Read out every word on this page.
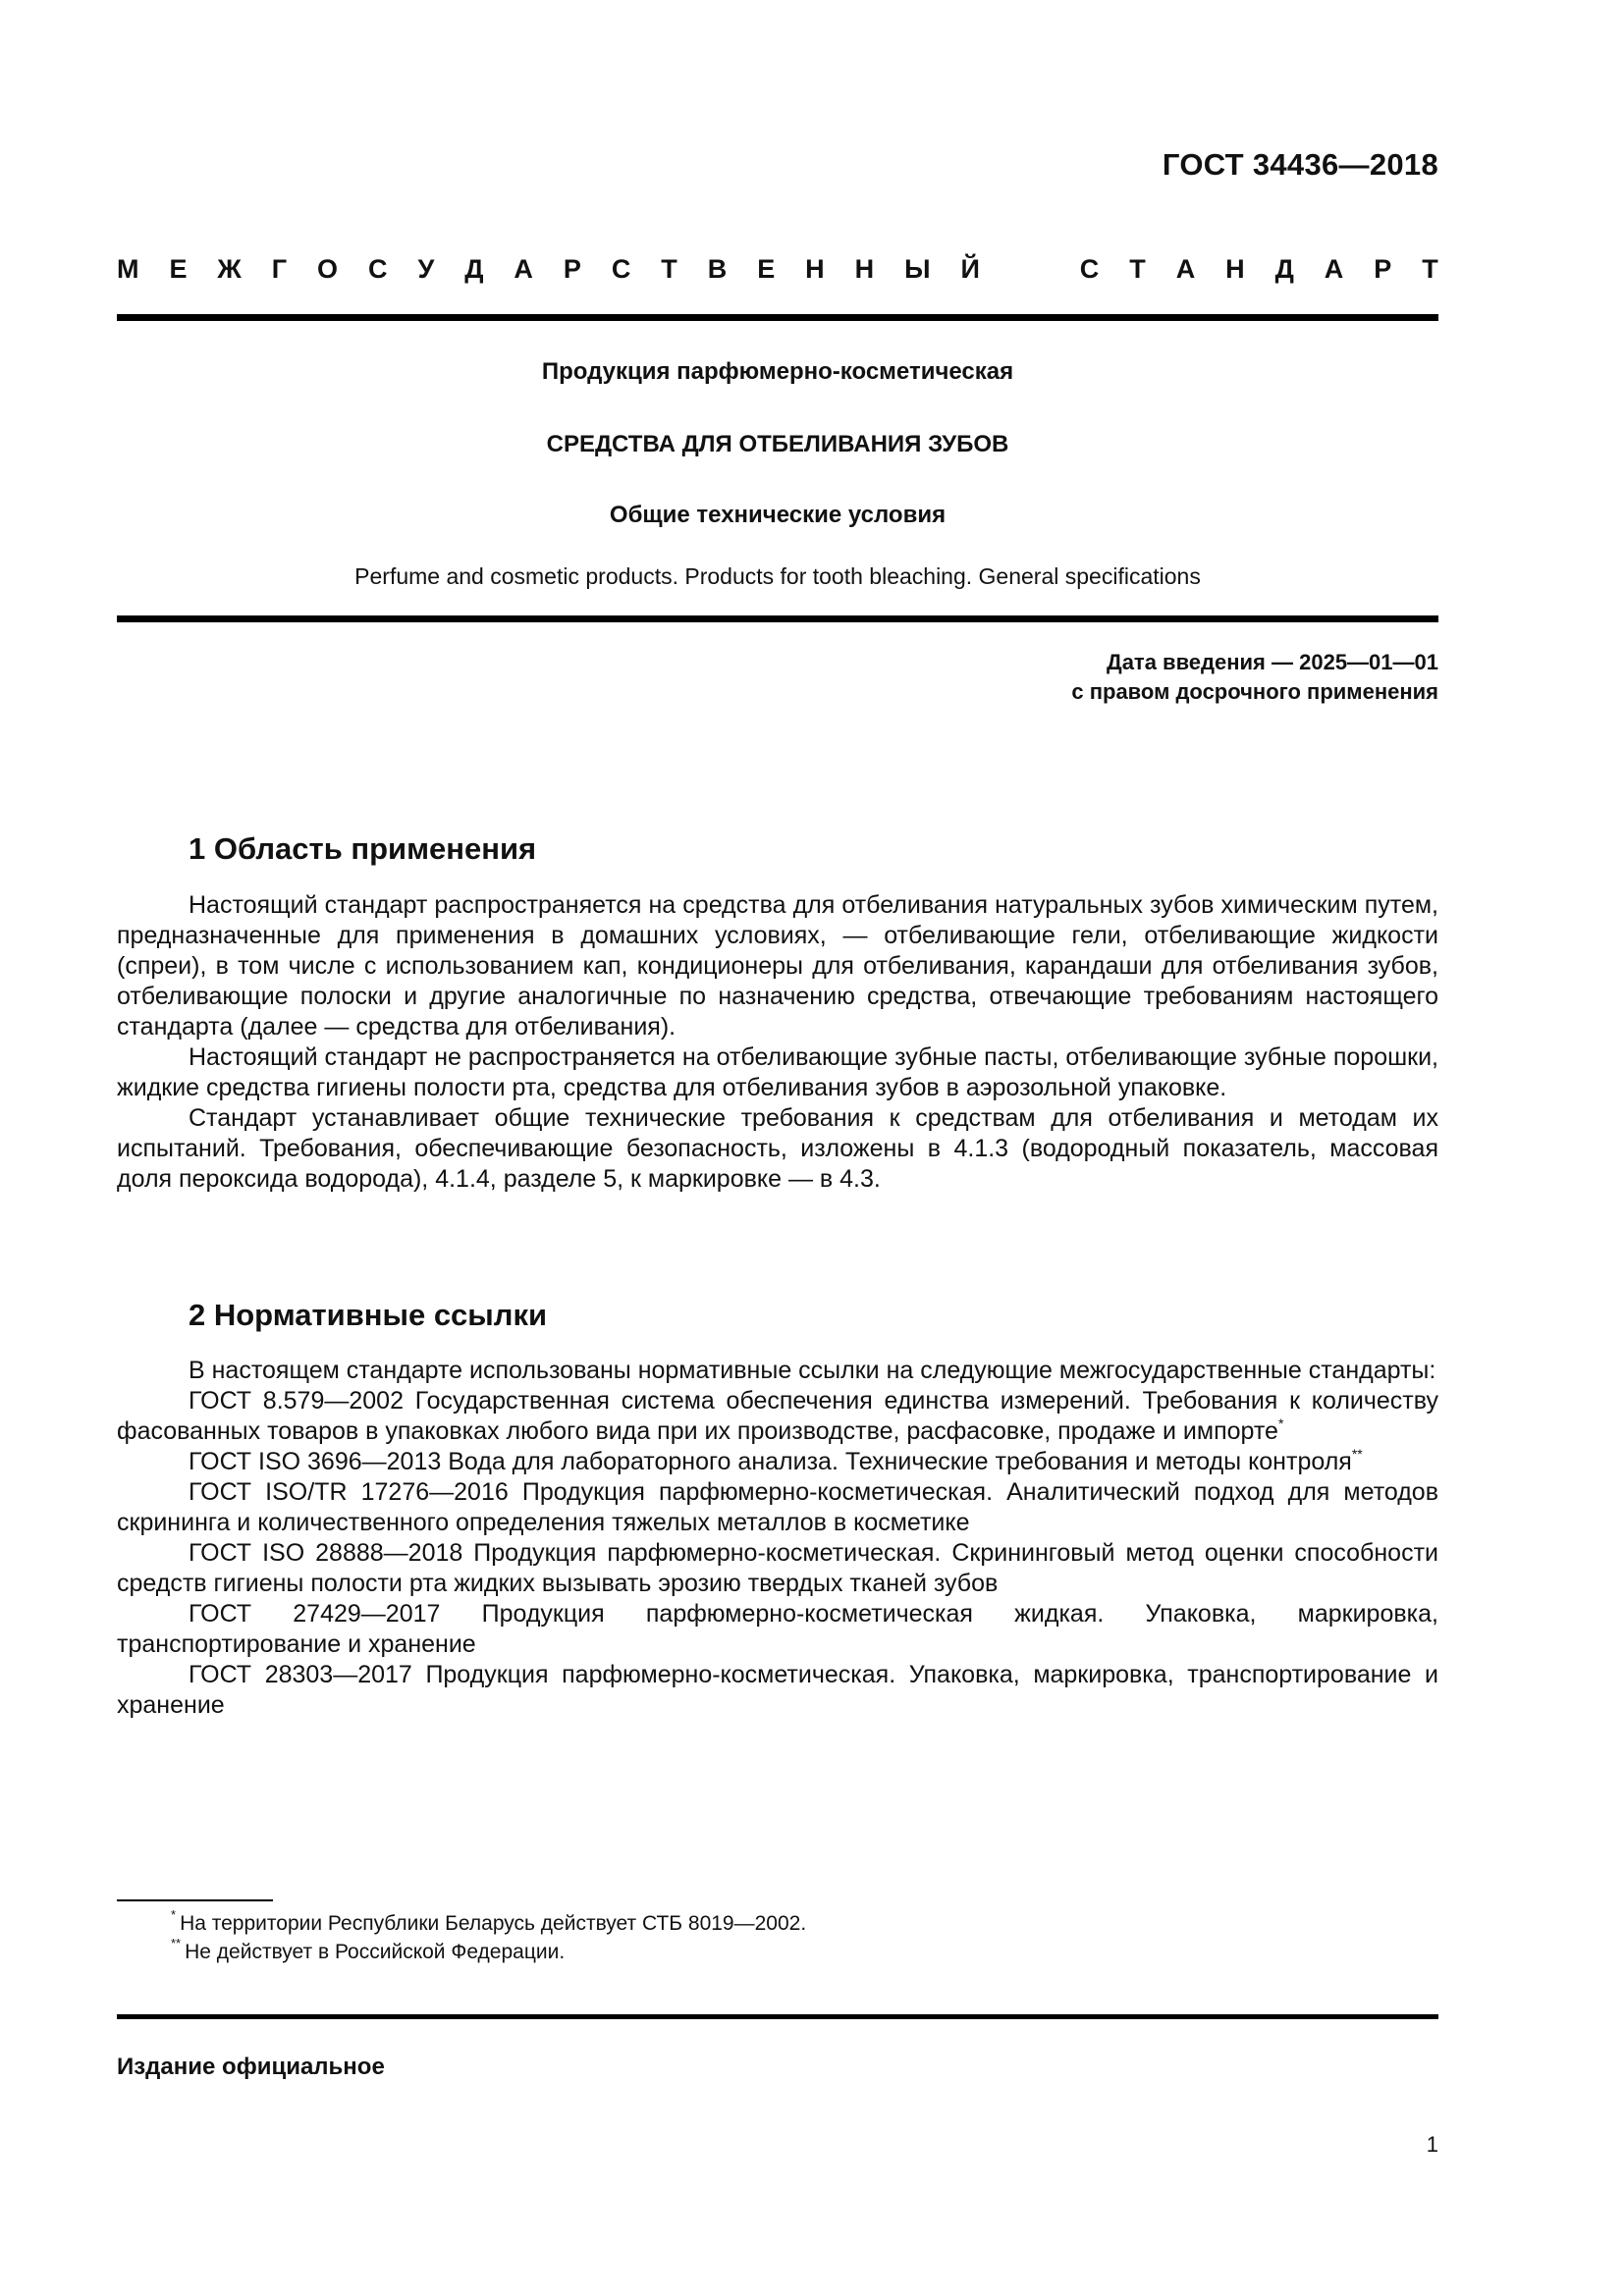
ГОСТ 34436—2018
М Е Ж Г О С У Д А Р С Т В Е Н Н Ы Й	С Т А Н Д А Р Т
Продукция парфюмерно-косметическая
СРЕДСТВА ДЛЯ ОТБЕЛИВАНИЯ ЗУБОВ
Общие технические условия
Perfume and cosmetic products. Products for tooth bleaching. General specifications
Дата введения — 2025—01—01
с правом досрочного применения
1 Область применения

Настоящий стандарт распространяется на средства для отбеливания натуральных зубов химическим путем, предназначенные для применения в домашних условиях, — отбеливающие гели, отбеливающие жидкости (спреи), в том числе с использованием кап, кондиционеры для отбеливания, карандаши для отбеливания зубов, отбеливающие полоски и другие аналогичные по назначению средства, отвечающие требованиям настоящего стандарта (далее — средства для отбеливания).

Настоящий стандарт не распространяется на отбеливающие зубные пасты, отбеливающие зубные порошки, жидкие средства гигиены полости рта, средства для отбеливания зубов в аэрозольной упаковке.

Стандарт устанавливает общие технические требования к средствам для отбеливания и методам их испытаний. Требования, обеспечивающие безопасность, изложены в 4.1.3 (водородный показатель, массовая доля пероксида водорода), 4.1.4, разделе 5, к маркировке — в 4.3.

2 Нормативные ссылки

В настоящем стандарте использованы нормативные ссылки на следующие межгосударственные стандарты:

ГОСТ 8.579—2002 Государственная система обеспечения единства измерений. Требования к количеству фасованных товаров в упаковках любого вида при их производстве, расфасовке, продаже и импорте*

ГОСТ ISO 3696—2013 Вода для лабораторного анализа. Технические требования и методы контроля**

ГОСТ ISO/TR 17276—2016 Продукция парфюмерно-косметическая. Аналитический подход для методов скрининга и количественного определения тяжелых металлов в косметике

ГОСТ ISO 28888—2018 Продукция парфюмерно-косметическая. Скрининговый метод оценки способности средств гигиены полости рта жидких вызывать эрозию твердых тканей зубов

ГОСТ 27429—2017 Продукция парфюмерно-косметическая жидкая. Упаковка, маркировка, транспортирование и хранение

ГОСТ 28303—2017 Продукция парфюмерно-косметическая. Упаковка, маркировка, транспортирование и хранение

* На территории Республики Беларусь действует СТБ 8019—2002.
** Не действует в Российской Федерации.
Издание официальное
1
